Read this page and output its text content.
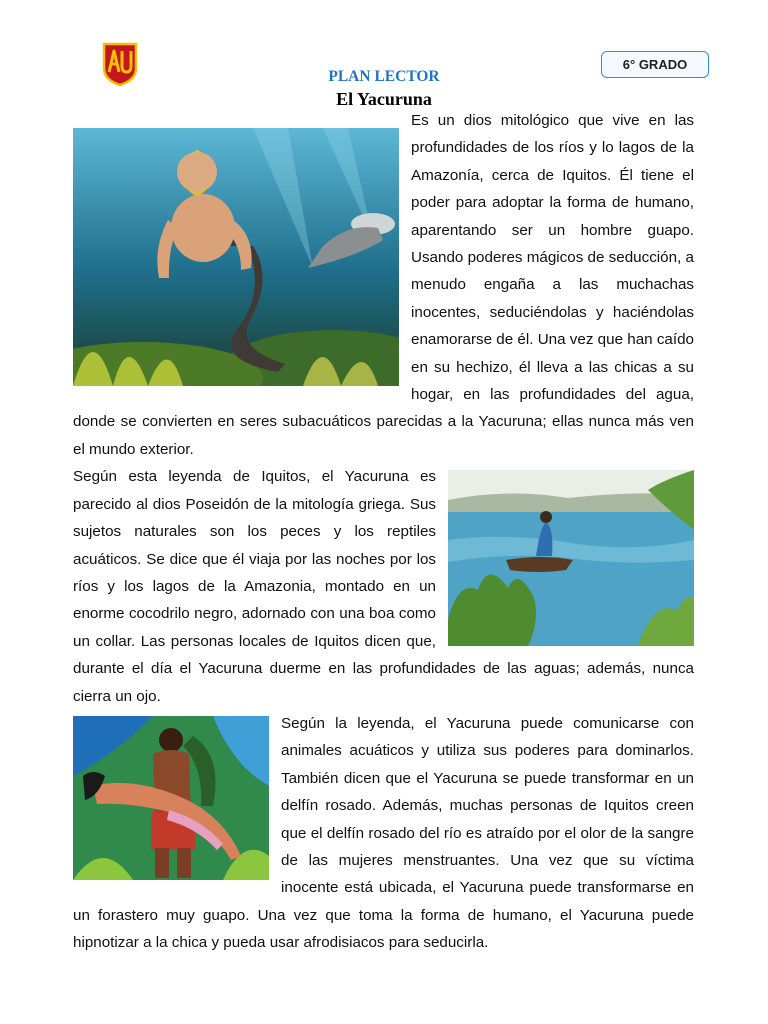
6° GRADO
PLAN LECTOR
El Yacuruna

Es un dios mitológico que vive en las profundidades de los ríos y lo lagos de la Amazonía, cerca de Iquitos. Él tiene el poder para adoptar la forma de humano, aparentando ser un hombre guapo. Usando poderes mágicos de seducción, a menudo engaña a las muchachas inocentes, seduciéndolas y haciéndolas enamorarse de él. Una vez que han caído en su hechizo, él lleva a las chicas a su hogar, en las profundidades del agua, donde se convierten en seres subacuáticos parecidas a la Yacuruna; ellas nunca más ven el mundo exterior.

Según esta leyenda de Iquitos, el Yacuruna es parecido al dios Poseidón de la mitología griega. Sus sujetos naturales son los peces y los reptiles acuáticos. Se dice que él viaja por las noches por los ríos y los lagos de la Amazonia, montado en un enorme cocodrilo negro, adornado con una boa como un collar. Las personas locales de Iquitos dicen que, durante el día el Yacuruna duerme en las profundidades de las aguas; además, nunca cierra un ojo.

Según la leyenda, el Yacuruna puede comunicarse con animales acuáticos y utiliza sus poderes para dominarlos. También dicen que el Yacuruna se puede transformar en un delfín rosado. Además, muchas personas de Iquitos creen que el delfín rosado del río es atraído por el olor de la sangre de las mujeres menstruantes. Una vez que su víctima inocente está ubicada, el Yacuruna puede transformarse en un forastero muy guapo. Una vez que toma la forma de humano, el Yacuruna puede hipnotizar a la chica y pueda usar afrodisiacos para seducirla.
